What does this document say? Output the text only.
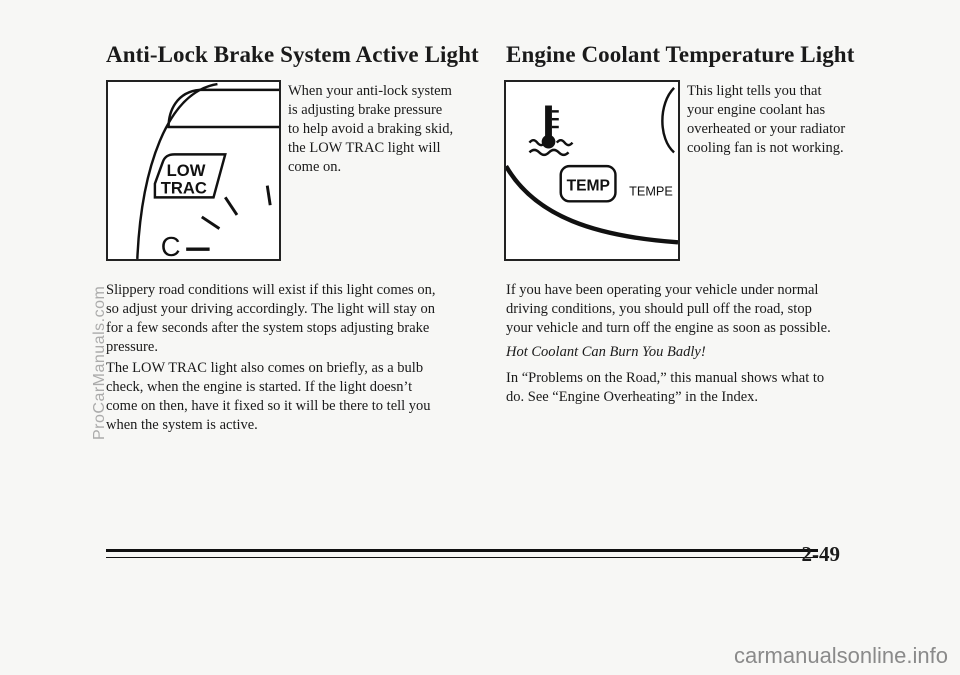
Anti-Lock Brake System Active Light
LOW
TRAC
C

When your anti-lock system
is adjusting brake pressure
to help avoid a braking skid,
the LOW TRAC light will
come on.

Slippery road conditions will exist if this light comes on,
so adjust your driving accordingly. The light will stay on
for a few seconds after the system stops adjusting brake
pressure.

The LOW TRAC light also comes on briefly, as a bulb
check, when the engine is started. If the light doesn’t
come on then, have it fixed so it will be there to tell you
when the system is active.

Engine Coolant Temperature Light
TEMP TEMPE

This light tells you that
your engine coolant has
overheated or your radiator
cooling fan is not working.

If you have been operating your vehicle under normal
driving conditions, you should pull off the road, stop
your vehicle and turn off the engine as soon as possible.

Hot Coolant Can Burn You Badly!

In “Problems on the Road,” this manual shows what to
do. See “Engine Overheating” in the Index.

2-49
ProCarManuals.com
carmanualsonline.info
